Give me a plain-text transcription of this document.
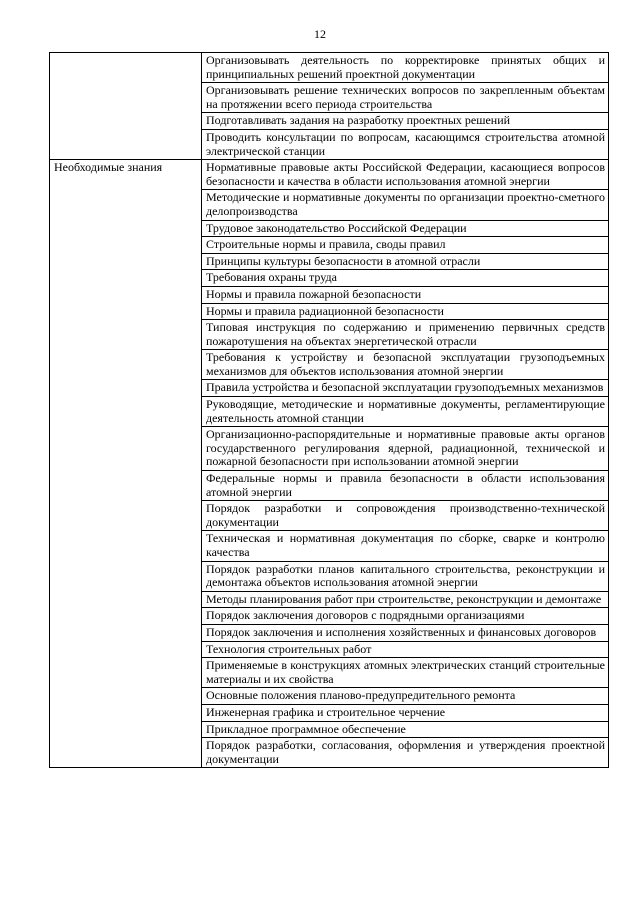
12
	Организовывать деятельность по корректировке принятых общих и принципиальных решений проектной документации
	Организовывать решение технических вопросов по закрепленным объектам на протяжении всего периода строительства
	Подготавливать задания на разработку проектных решений
	Проводить консультации по вопросам, касающимся строительства атомной электрической станции
Необходимые знания	Нормативные правовые акты Российской Федерации, касающиеся вопросов безопасности и качества в области использования атомной энергии
	Методические и нормативные документы по организации проектно-сметного делопроизводства
	Трудовое законодательство Российской Федерации
	Строительные нормы и правила, своды правил
	Принципы культуры безопасности в атомной отрасли
	Требования охраны труда
	Нормы и правила пожарной безопасности
	Нормы и правила радиационной безопасности
	Типовая инструкция по содержанию и применению первичных средств пожаротушения на объектах энергетической отрасли
	Требования к устройству и безопасной эксплуатации грузоподъемных механизмов для объектов использования атомной энергии
	Правила устройства и безопасной эксплуатации грузоподъемных механизмов
	Руководящие, методические и нормативные документы, регламентирующие деятельность атомной станции
	Организационно-распорядительные и нормативные правовые акты органов государственного регулирования ядерной, радиационной, технической и пожарной безопасности при использовании атомной энергии
	Федеральные нормы и правила безопасности в области использования атомной энергии
	Порядок разработки и сопровождения производственно-технической документации
	Техническая и нормативная документация по сборке, сварке и контролю качества
	Порядок разработки планов капитального строительства, реконструкции и демонтажа объектов использования атомной энергии
	Методы планирования работ при строительстве, реконструкции и демонтаже
	Порядок заключения договоров с подрядными организациями
	Порядок заключения и исполнения хозяйственных и финансовых договоров
	Технология строительных работ
	Применяемые в конструкциях атомных электрических станций строительные материалы и их свойства
	Основные положения планово-предупредительного ремонта
	Инженерная графика и строительное черчение
	Прикладное программное обеспечение
	Порядок разработки, согласования, оформления и утверждения проектной документации
